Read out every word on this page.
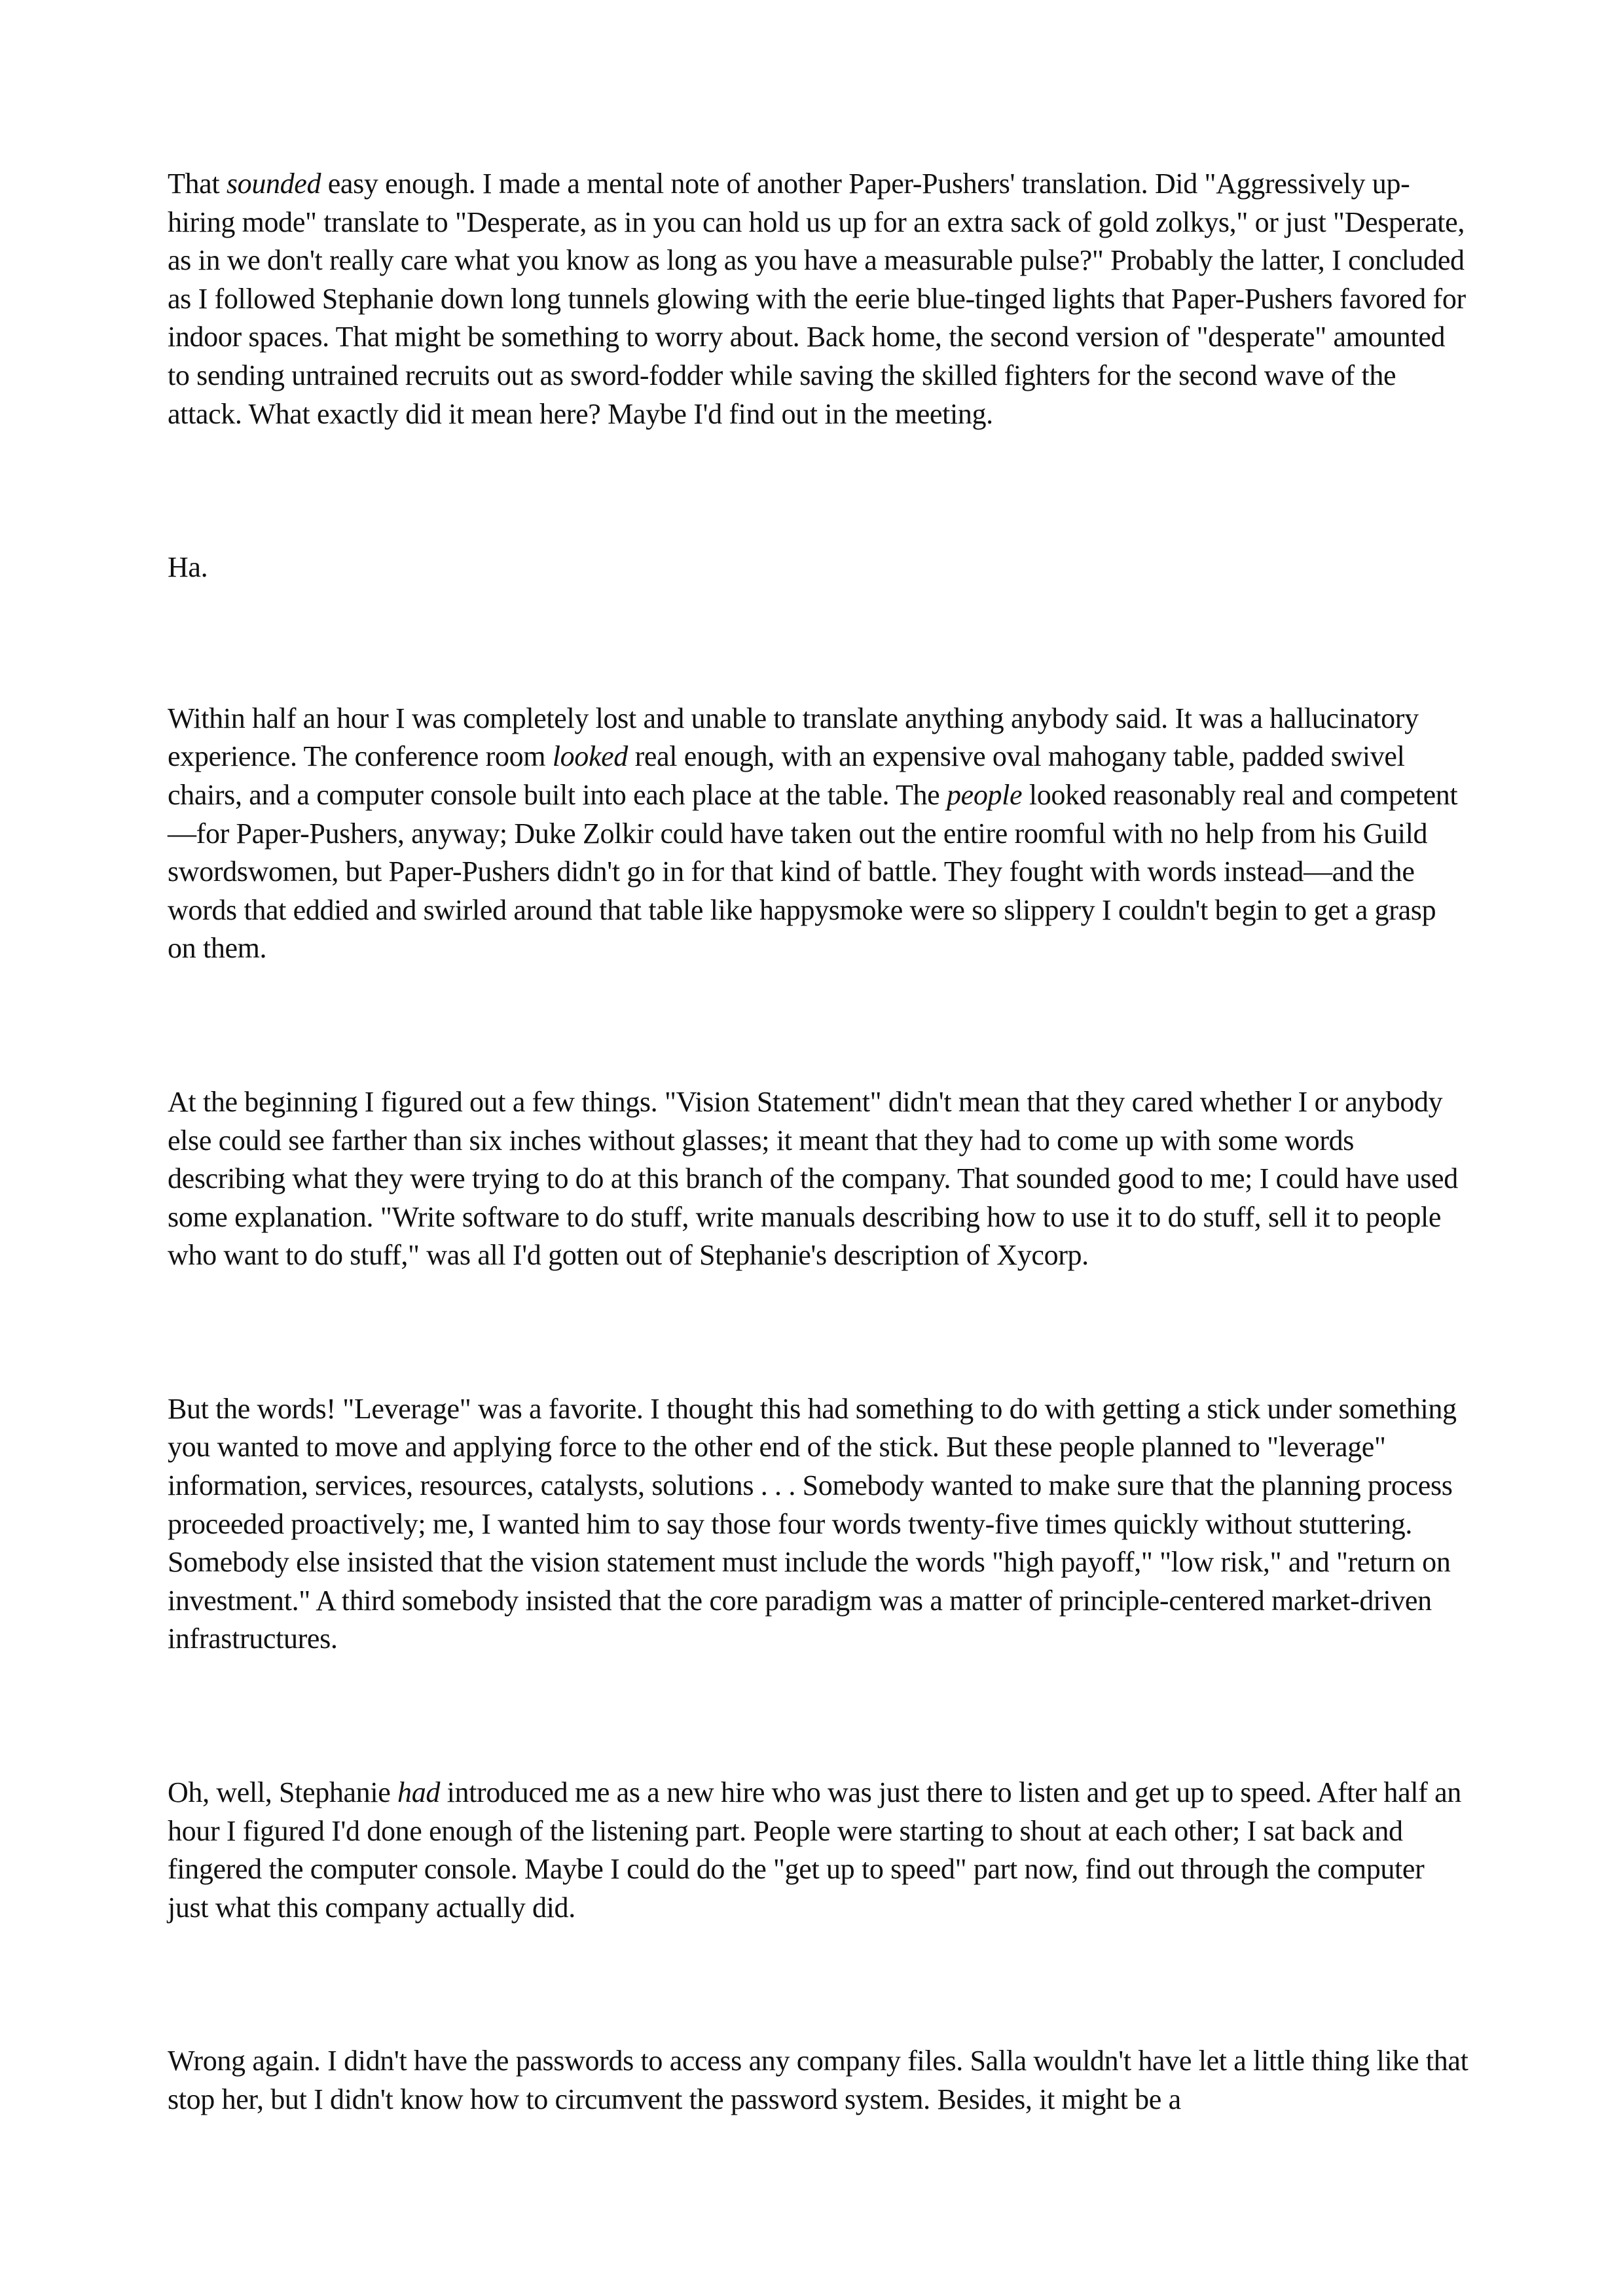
That sounded easy enough. I made a mental note of another Paper-Pushers' translation. Did "Aggressively up-hiring mode" translate to "Desperate, as in you can hold us up for an extra sack of gold zolkys," or just "Desperate, as in we don't really care what you know as long as you have a measurable pulse?" Probably the latter, I concluded as I followed Stephanie down long tunnels glowing with the eerie blue-tinged lights that Paper-Pushers favored for indoor spaces. That might be something to worry about. Back home, the second version of "desperate" amounted to sending untrained recruits out as sword-fodder while saving the skilled fighters for the second wave of the attack. What exactly did it mean here? Maybe I'd find out in the meeting.

Ha.

Within half an hour I was completely lost and unable to translate anything anybody said. It was a hallucinatory experience. The conference room looked real enough, with an expensive oval mahogany table, padded swivel chairs, and a computer console built into each place at the table. The people looked reasonably real and competent—for Paper-Pushers, anyway; Duke Zolkir could have taken out the entire roomful with no help from his Guild swordswomen, but Paper-Pushers didn't go in for that kind of battle. They fought with words instead—and the words that eddied and swirled around that table like happysmoke were so slippery I couldn't begin to get a grasp on them.

At the beginning I figured out a few things. "Vision Statement" didn't mean that they cared whether I or anybody else could see farther than six inches without glasses; it meant that they had to come up with some words describing what they were trying to do at this branch of the company. That sounded good to me; I could have used some explanation. "Write software to do stuff, write manuals describing how to use it to do stuff, sell it to people who want to do stuff," was all I'd gotten out of Stephanie's description of Xycorp.

But the words! "Leverage" was a favorite. I thought this had something to do with getting a stick under something you wanted to move and applying force to the other end of the stick. But these people planned to "leverage" information, services, resources, catalysts, solutions . . . Somebody wanted to make sure that the planning process proceeded proactively; me, I wanted him to say those four words twenty-five times quickly without stuttering. Somebody else insisted that the vision statement must include the words "high payoff," "low risk," and "return on investment." A third somebody insisted that the core paradigm was a matter of principle-centered market-driven infrastructures.

Oh, well, Stephanie had introduced me as a new hire who was just there to listen and get up to speed. After half an hour I figured I'd done enough of the listening part. People were starting to shout at each other; I sat back and fingered the computer console. Maybe I could do the "get up to speed" part now, find out through the computer just what this company actually did.

Wrong again. I didn't have the passwords to access any company files. Salla wouldn't have let a little thing like that stop her, but I didn't know how to circumvent the password system. Besides, it might be a
